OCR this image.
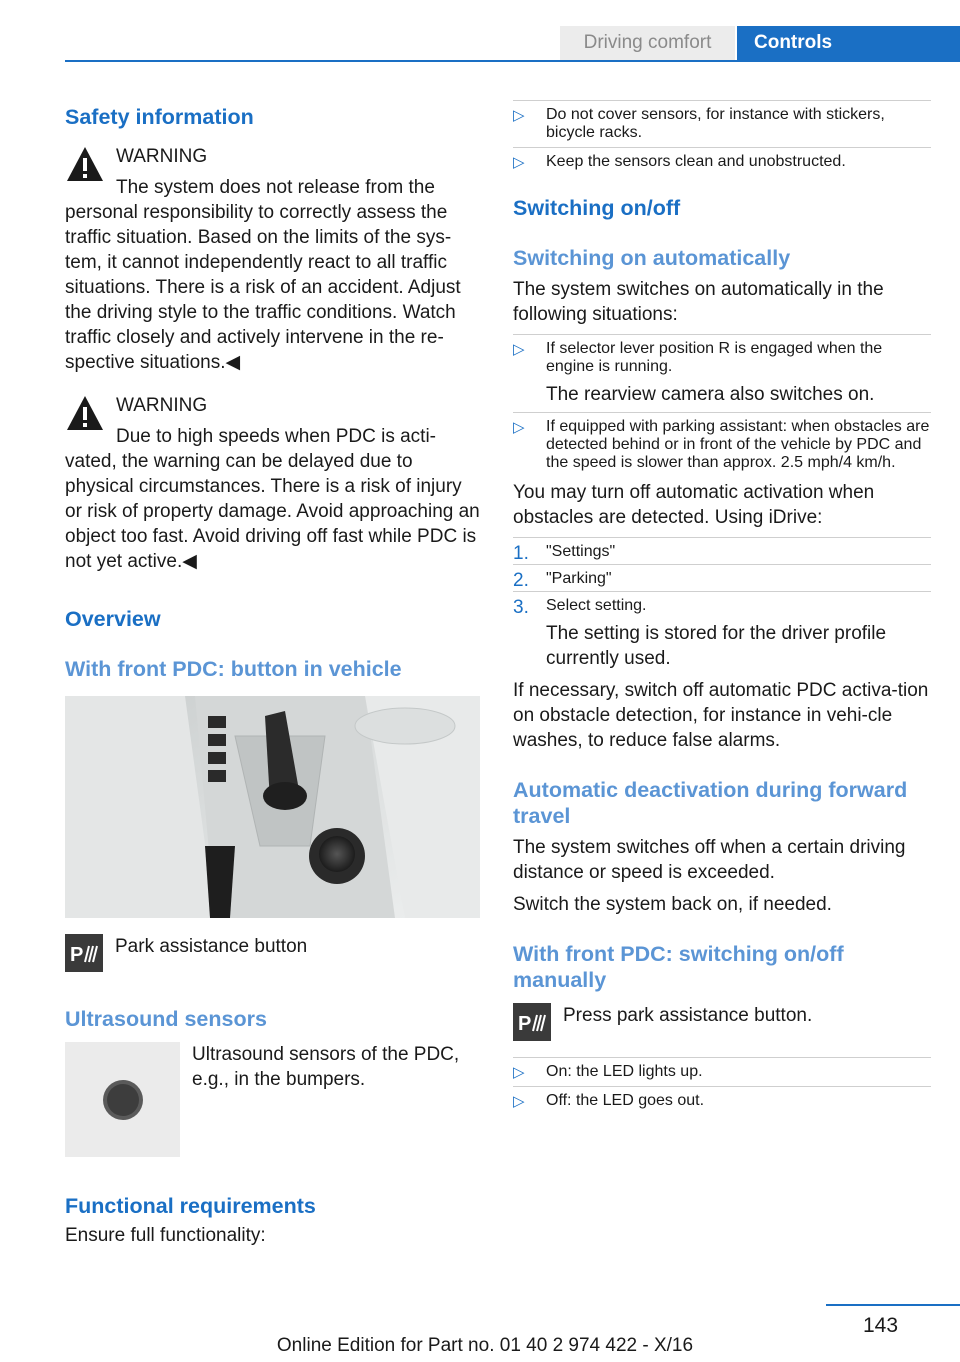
Driving comfort	Controls

Safety information

WARNING

The system does not release from the personal responsibility to correctly assess the traffic situation. Based on the limits of the sys‐tem, it cannot independently react to all traffic situations. There is a risk of an accident. Adjust the driving style to the traffic conditions. Watch traffic closely and actively intervene in the re‐spective situations.◀

WARNING

Due to high speeds when PDC is acti‐vated, the warning can be delayed due to physical circumstances. There is a risk of injury or risk of property damage. Avoid approaching an object too fast. Avoid driving off fast while PDC is not yet active.◀

Overview

With front PDC: button in vehicle

P	Park assistance button

Ultrasound sensors

Ultrasound sensors of the PDC, e.g., in the bumpers.

Functional requirements

Ensure full functionality:

▷ Do not cover sensors, for instance with stickers, bicycle racks.
▷ Keep the sensors clean and unobstructed.

Switching on/off

Switching on automatically

The system switches on automatically in the following situations:

▷ If selector lever position R is engaged when the engine is running.

The rearview camera also switches on.

▷ If equipped with parking assistant: when obstacles are detected behind or in front of the vehicle by PDC and the speed is slower than approx. 2.5 mph/4 km/h.

You may turn off automatic activation when obstacles are detected. Using iDrive:

1. "Settings"
2. "Parking"
3. Select setting.

The setting is stored for the driver profile currently used.

If necessary, switch off automatic PDC activa‐tion on obstacle detection, for instance in vehi‐cle washes, to reduce false alarms.

Automatic deactivation during forward travel

The system switches off when a certain driving distance or speed is exceeded.

Switch the system back on, if needed.

With front PDC: switching on/off manually

P	Press park assistance button.

▷ On: the LED lights up.
▷ Off: the LED goes out.
143
Online Edition for Part no. 01 40 2 974 422 - X/16
